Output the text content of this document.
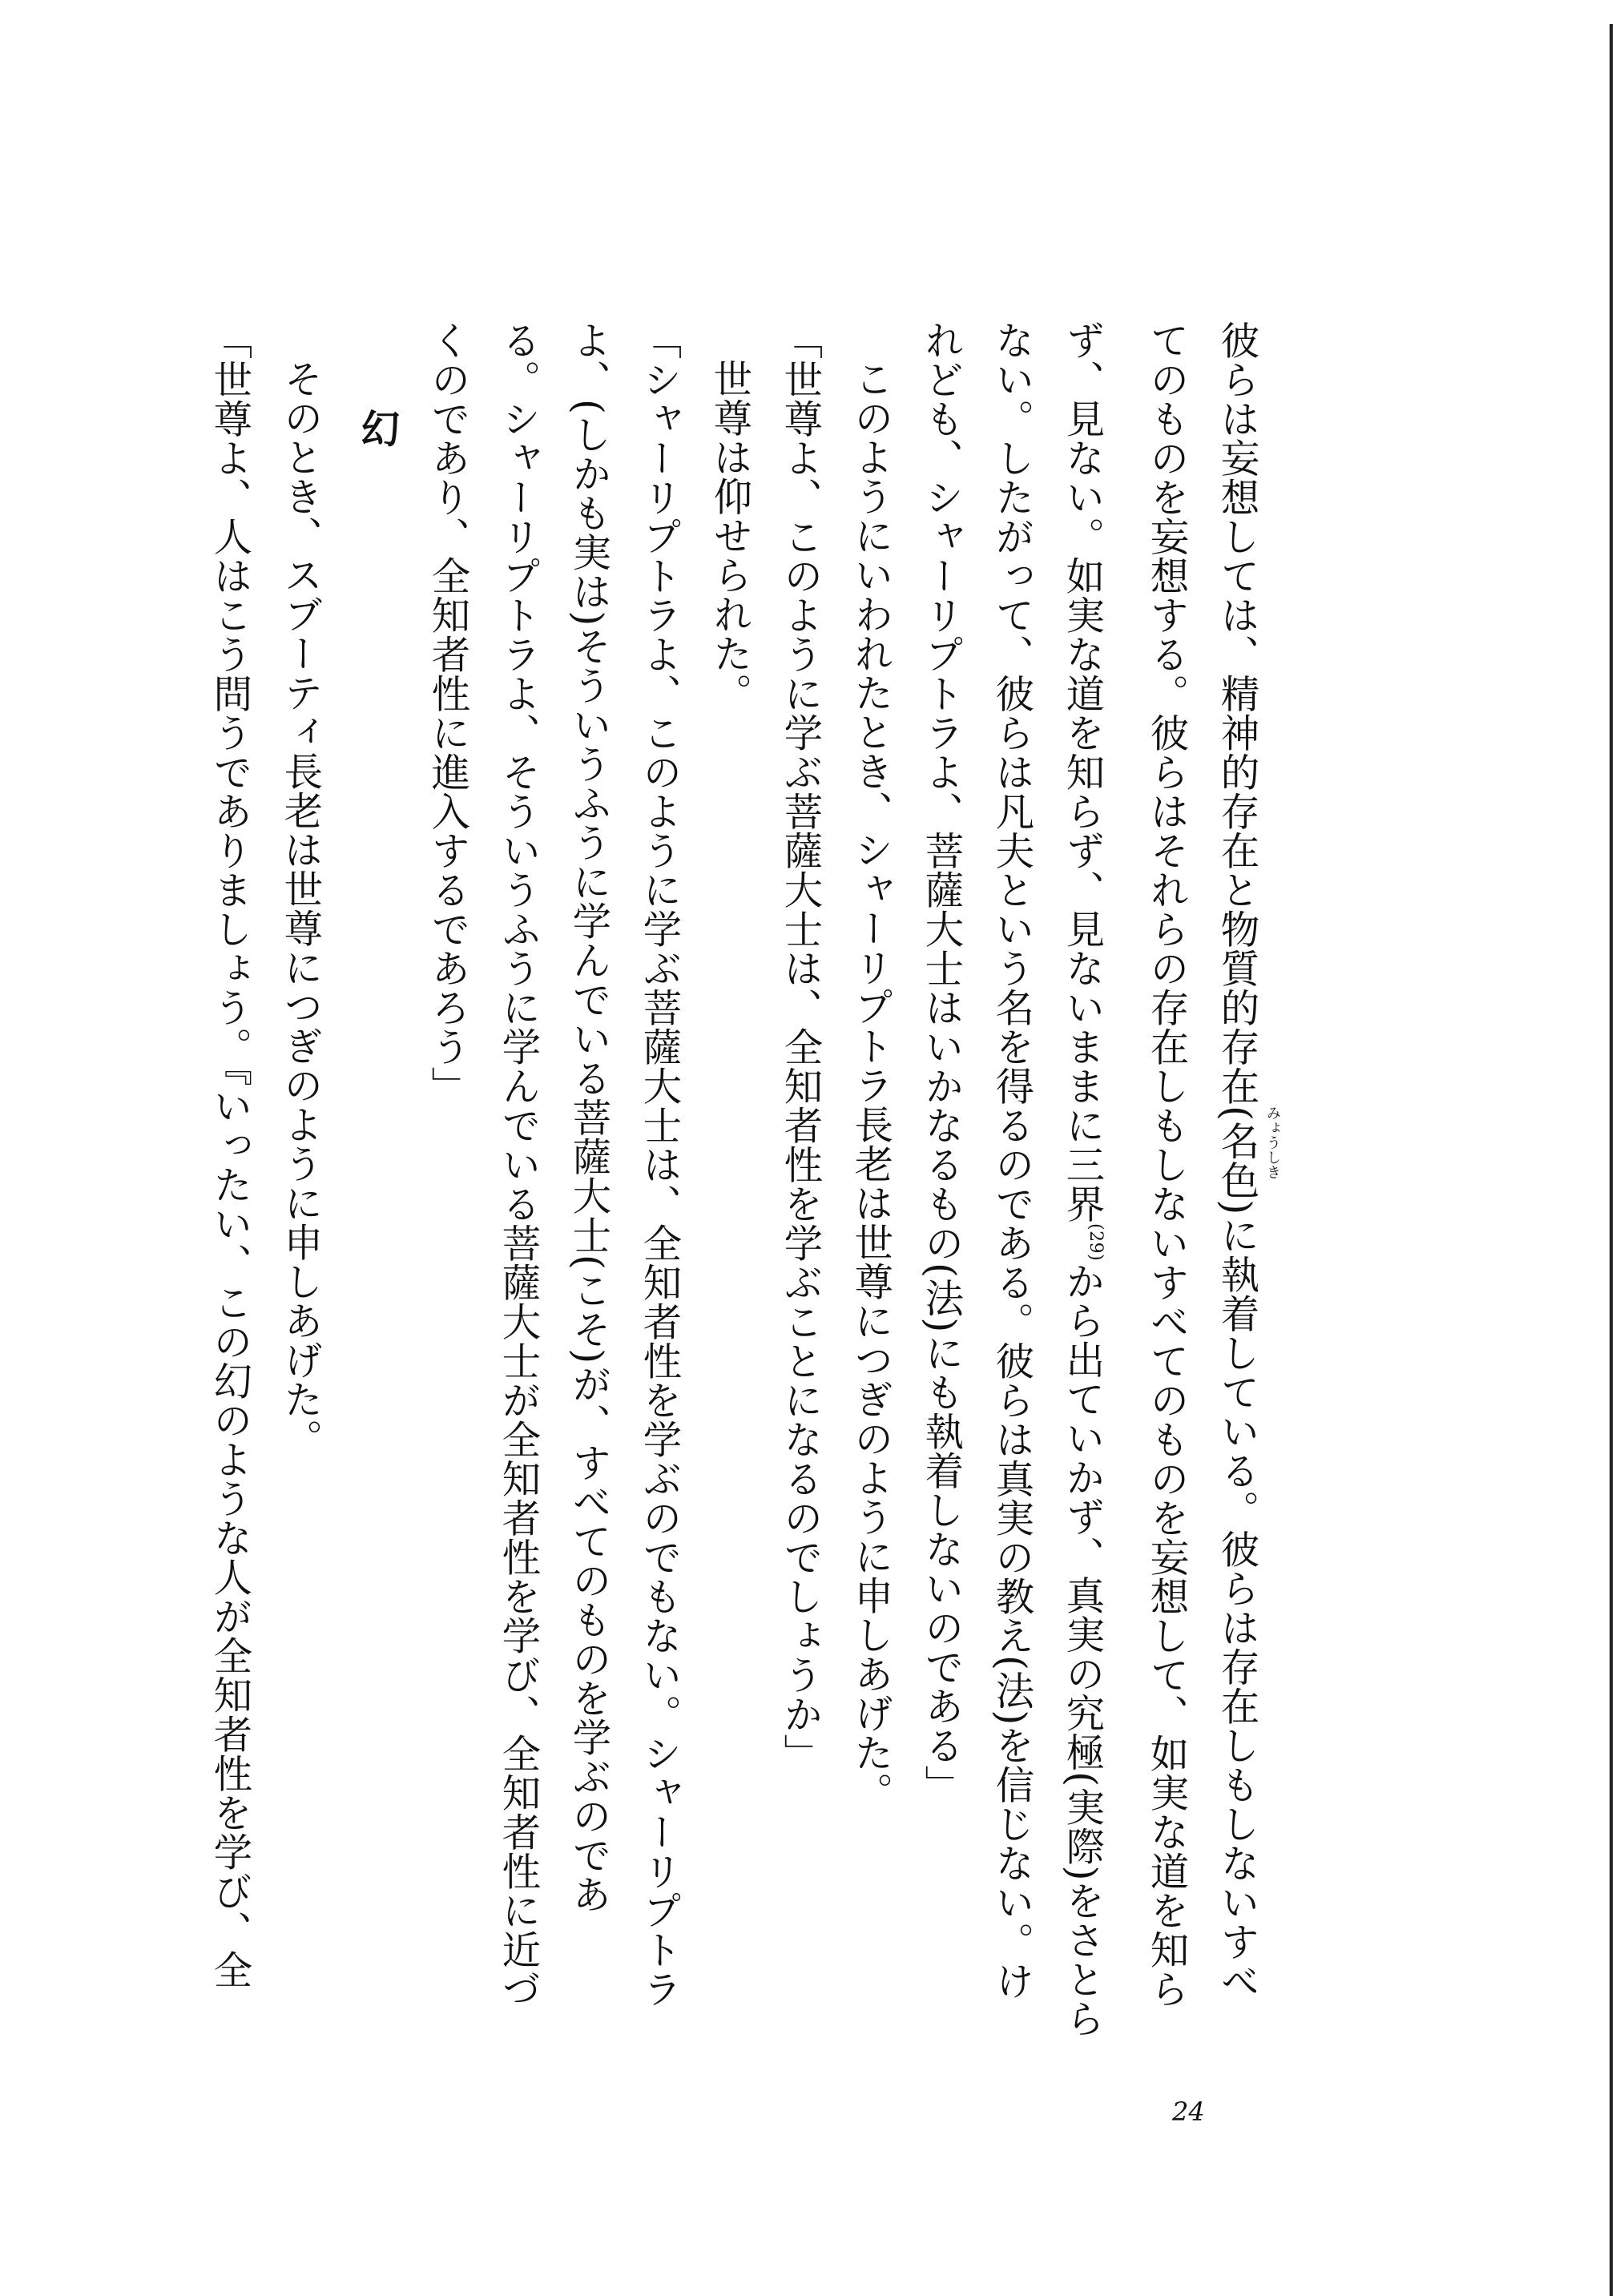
彼らは妄想しては、精神的存在と物質的存在(名色) みょうしき
に執着している。彼らは存在しもしないすべ
てのものを妄想する。彼らはそれらの存在しもしないすべてのものを妄想して、如実な道を知ら
ず、見ない。如実な道を知らず、見ないままに三界$^{(29)}$から出ていかず、真実の究極(実際)をさとら
ない。したがって、彼らは凡夫という名を得るのである。彼らは真実の教え(法)を信じない。け
れども、シャーリプトラよ、菩薩大士はいかなるもの(法)にも執着しないのである」
このようにいわれたとき、シャーリプトラ長老は世尊につぎのように申しあげた。
「世尊よ、このように学ぶ菩薩大士は、全知者性を学ぶことになるのでしょうか」
世尊は仰せられた。
「シャーリプトラよ、このように学ぶ菩薩大士は、全知者性を学ぶのでもない。シャーリプトラ
よ、(しかも実は)そういうふうに学んでいる菩薩大士(こそ)が、すべてのものを学ぶのであ
る。シャーリプトラよ、そういうふうに学んでいる菩薩大士が全知者性を学び、全知者性に近づ
くのであり、全知者性に進入するであろう」
幻
そのとき、スブーティ長老は世尊につぎのように申しあげた。
「世尊よ、人はこう問うでありましょう。『いったい、この幻のような人が全知者性を学び、全
24
